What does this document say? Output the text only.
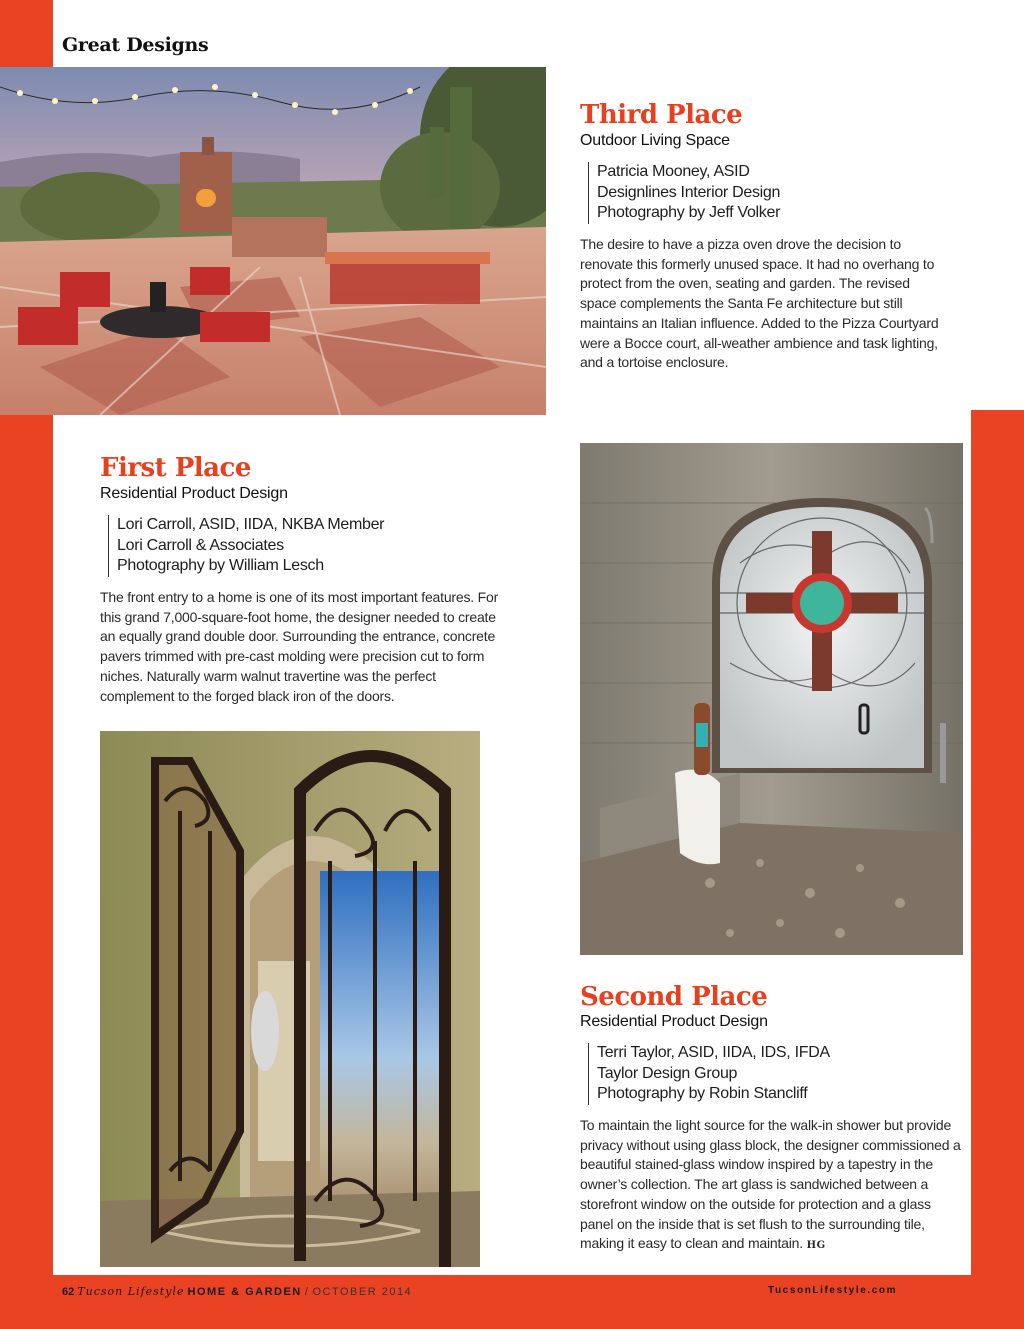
Great Designs
Third Place
Outdoor Living Space
Patricia Mooney, ASID
Designlines Interior Design
Photography by Jeff Volker
The desire to have a pizza oven drove the decision to renovate this formerly unused space. It had no overhang to protect from the oven, seating and garden. The revised space complements the Santa Fe architecture but still maintains an Italian influence. Added to the Pizza Courtyard were a Bocce court, all-weather ambience and task lighting, and a tortoise enclosure.
First Place
Residential Product Design
Lori Carroll, ASID, IIDA, NKBA Member
Lori Carroll & Associates
Photography by William Lesch
The front entry to a home is one of its most important features. For this grand 7,000-square-foot home, the designer needed to create an equally grand double door. Surrounding the entrance, concrete pavers trimmed with pre-cast molding were precision cut to form niches. Naturally warm walnut travertine was the perfect complement to the forged black iron of the doors.
Second Place
Residential Product Design
Terri Taylor, ASID, IIDA, IDS, IFDA
Taylor Design Group
Photography by Robin Stancliff
To maintain the light source for the walk-in shower but provide privacy without using glass block, the designer commissioned a beautiful stained-glass window inspired by a tapestry in the owner’s collection. The art glass is sandwiched between a storefront window on the outside for protection and a glass panel on the inside that is set flush to the surrounding tile, making it easy to clean and maintain. HG
62 Tucson Lifestyle HOME & GARDEN / OCTOBER 2014	TucsonLifestyle.com
